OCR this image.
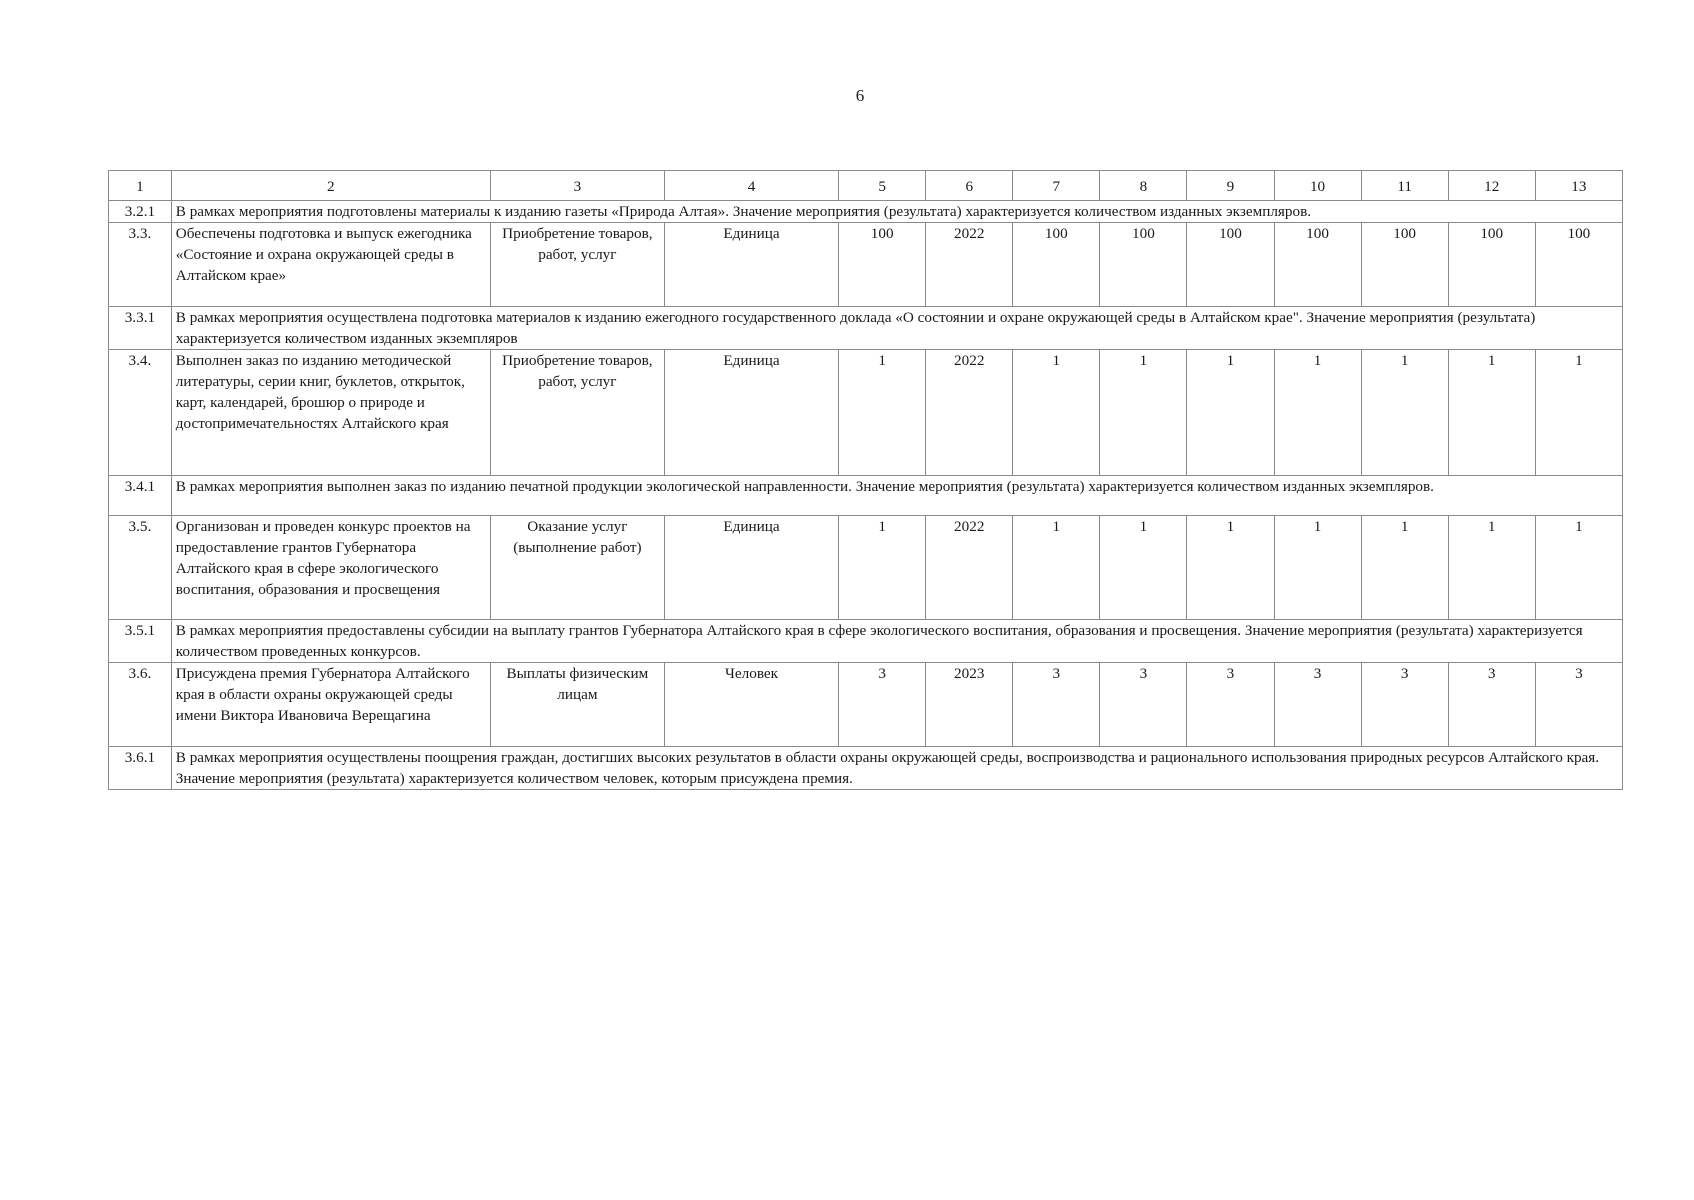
6
1	2	3	4	5	6	7	8	9	10	11	12	13
3.2.1	В рамках мероприятия подготовлены материалы к изданию газеты «Природа Алтая». Значение мероприятия (результата) характеризуется количеством изданных экземпляров.											
3.3.	Обеспечены подготовка и выпуск ежегодника «Состояние и охрана окружающей среды в Алтайском крае»	Приобретение товаров, работ, услуг	Единица	100	2022	100	100	100	100	100	100	100
3.3.1	В рамках мероприятия осуществлена подготовка материалов к изданию ежегодного государственного доклада «О состоянии и охране окружающей среды в Алтайском крае". Значение мероприятия (результата) характеризуется количеством изданных экземпляров											
3.4.	Выполнен заказ по изданию методической литературы, серии книг, буклетов, открыток, карт, календарей, брошюр о природе и достопримечательностях Алтайского края	Приобретение товаров, работ, услуг	Единица	1	2022	1	1	1	1	1	1	1
3.4.1	В рамках мероприятия выполнен заказ по изданию печатной продукции экологической направленности. Значение мероприятия (результата) характеризуется количеством изданных экземпляров.											
3.5.	Организован и проведен конкурс проектов на предоставление грантов Губернатора Алтайского края в сфере экологического воспитания, образования и просвещения	Оказание услуг (выполнение работ)	Единица	1	2022	1	1	1	1	1	1	1
3.5.1	В рамках мероприятия предоставлены субсидии на выплату грантов Губернатора Алтайского края в сфере экологического воспитания, образования и просвещения. Значение мероприятия (результата) характеризуется количеством проведенных конкурсов.											
3.6.	Присуждена премия Губернатора Алтайского края в области охраны окружающей среды имени Виктора Ивановича Верещагина	Выплаты физическим лицам	Человек	3	2023	3	3	3	3	3	3	3
3.6.1	В рамках мероприятия осуществлены поощрения граждан, достигших высоких результатов в области охраны окружающей среды, воспроизводства и рационального использования природных ресурсов Алтайского края. Значение мероприятия (результата) характеризуется количеством человек, которым присуждена премия.											
